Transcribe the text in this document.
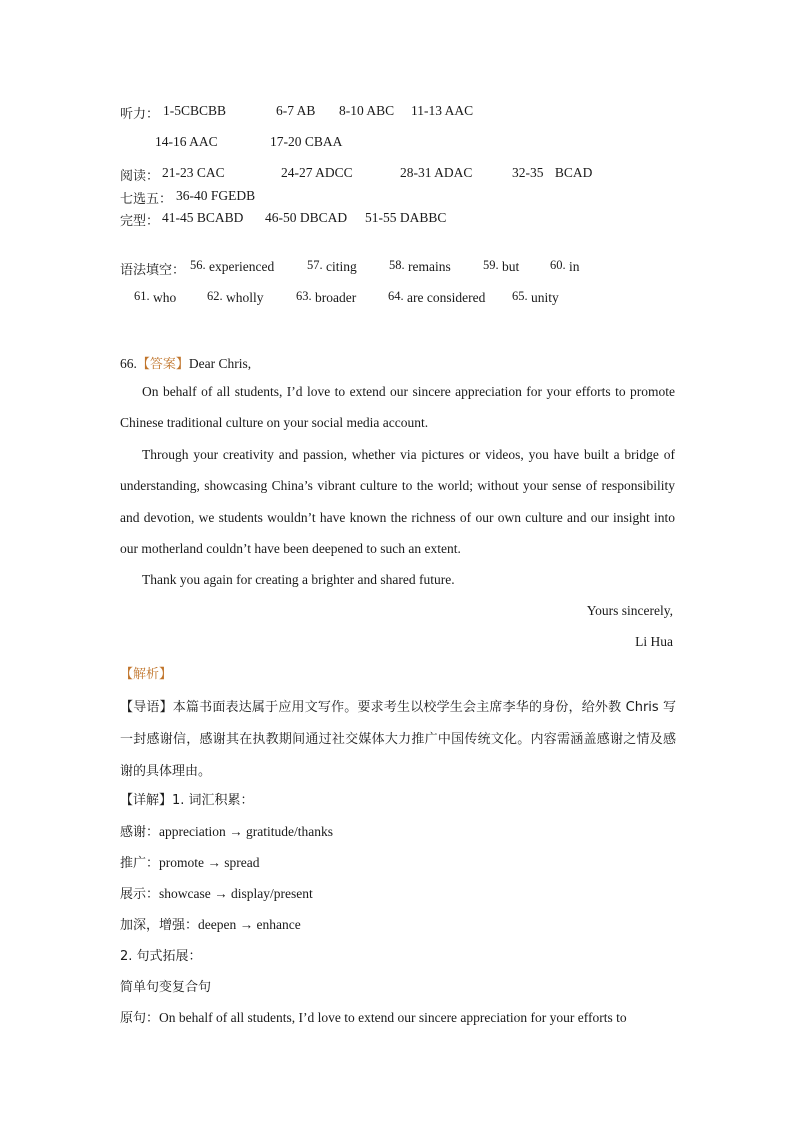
听力： 1-5CBCBB	6-7 AB 8-10 ABC 11-13 AAC
14-16 AAC	17-20 CBAA
阅读： 21-23 CAC	24-27 ADCC	28-31 ADAC	32-35 BCAD
七选五： 36-40 FGEDB
完型： 41-45 BCABD 46-50 DBCAD 51-55 DABBC
语法填空： 56. experienced	57. citing	58. remains	59. but 60. in
61. who 62. wholly	63. broader	64. are considered 65. unity
66.【答案】Dear Chris,
On behalf of all students, I’d love to extend our sincere appreciation for your efforts to promote Chinese traditional culture on your social media account.
Through your creativity and passion, whether via pictures or videos, you have built a bridge of understanding, showcasing China’s vibrant culture to the world; without your sense of responsibility and devotion, we students wouldn’t have known the richness of our own culture and our insight into our motherland couldn’t have been deepened to such an extent.
Thank you again for creating a brighter and shared future.
Yours sincerely,
Li Hua
【解析】
【导语】本篇书面表达属于应用文写作。要求考生以校学生会主席李华的身份，给外教 Chris 写一封感谢信，感谢其在执教期间通过社交媒体大力推广中国传统文化。内容需涵盖感谢之情及感谢的具体理由。
【详解】1. 词汇积累：
感谢：appreciation → gratitude/thanks
推广：promote → spread
展示：showcase → display/present
加深，增强：deepen → enhance
2. 句式拓展：
简单句变复合句
原句：On behalf of all students, I’d love to extend our sincere appreciation for your efforts to
